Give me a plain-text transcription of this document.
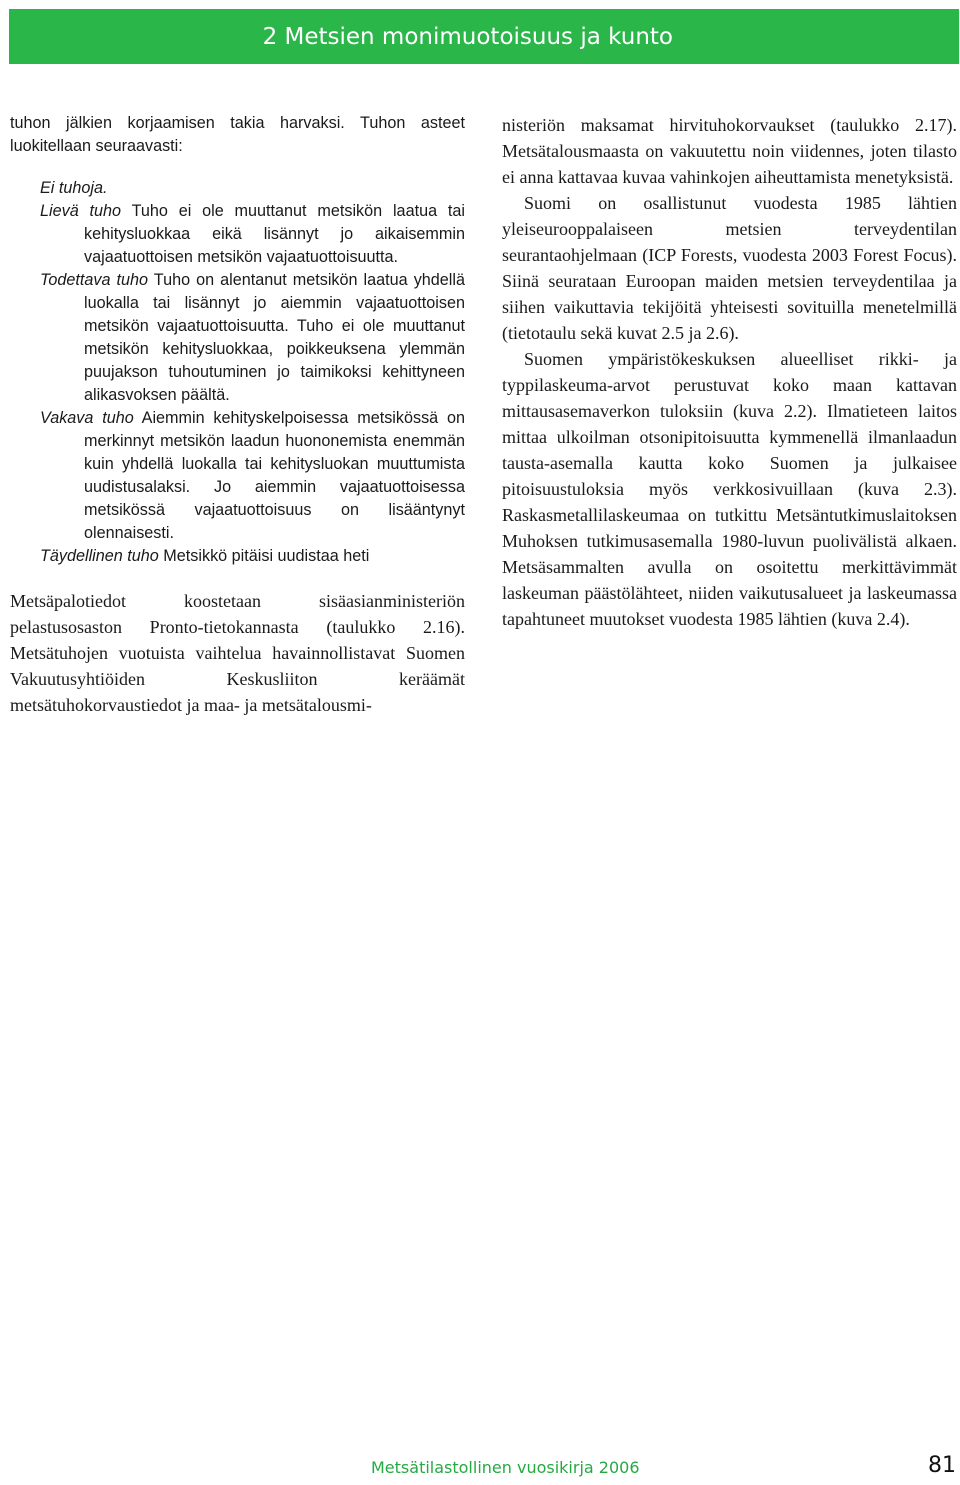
2 Metsien monimuotoisuus ja kunto

tuhon jälkien korjaamisen takia harvaksi. Tuhon asteet luokitellaan seuraavasti:

Ei tuhoja.

Lievä tuho Tuho ei ole muuttanut metsikön laatua tai kehitysluokkaa eikä lisännyt jo aikaisemmin vajaatuottoisen metsikön vajaatuottoisuutta.

Todettava tuho Tuho on alentanut metsikön laatua yhdellä luokalla tai lisännyt jo aiemmin vajaatuottoisen metsikön vajaatuottoisuutta. Tuho ei ole muuttanut metsikön kehitysluokkaa, poikkeuksena ylemmän puujakson tuhoutuminen jo taimikoksi kehittyneen alikasvoksen päältä.

Vakava tuho Aiemmin kehityskelpoisessa metsikössä on merkinnyt metsikön laadun huononemista enemmän kuin yhdellä luokalla tai kehitysluokan muuttumista uudistusalaksi. Jo aiemmin vajaatuottoisessa metsikössä vajaatuottoisuus on lisääntynyt olennaisesti.

Täydellinen tuho Metsikkö pitäisi uudistaa heti

Metsäpalotiedot koostetaan sisäasianministeriön pelastusosaston Pronto-tietokannasta (taulukko 2.16). Metsätuhojen vuotuista vaihtelua havainnollistavat Suomen Vakuutusyhtiöiden Keskusliiton keräämät metsätuhokorvaustiedot ja maa- ja metsätalousmi-

nisteriön maksamat hirvituhokorvaukset (taulukko 2.17). Metsätalousmaasta on vakuutettu noin viidennes, joten tilasto ei anna kattavaa kuvaa vahinkojen aiheuttamista menetyksistä.

Suomi on osallistunut vuodesta 1985 lähtien yleiseurooppalaiseen metsien terveydentilan seurantaohjelmaan (ICP Forests, vuodesta 2003 Forest Focus). Siinä seurataan Euroopan maiden metsien terveydentilaa ja siihen vaikuttavia tekijöitä yhteisesti sovituilla menetelmillä (tietotaulu sekä kuvat 2.5 ja 2.6).

Suomen ympäristökeskuksen alueelliset rikki- ja typpilaskeuma-arvot perustuvat koko maan kattavan mittausasemaverkon tuloksiin (kuva 2.2). Ilmatieteen laitos mittaa ulkoilman otsonipitoisuutta kymmenellä ilmanlaadun tausta-asemalla kautta koko Suomen ja julkaisee pitoisuustuloksia myös verkkosivuillaan (kuva 2.3). Raskasmetallilaskeumaa on tutkittu Metsäntutkimuslaitoksen Muhoksen tutkimusasemalla 1980-luvun puolivälistä alkaen. Metsäsammalten avulla on osoitettu merkittävimmät laskeuman päästölähteet, niiden vaikutusalueet ja laskeumassa tapahtuneet muutokset vuodesta 1985 lähtien (kuva 2.4).

Metsätilastollinen vuosikirja 2006	81
